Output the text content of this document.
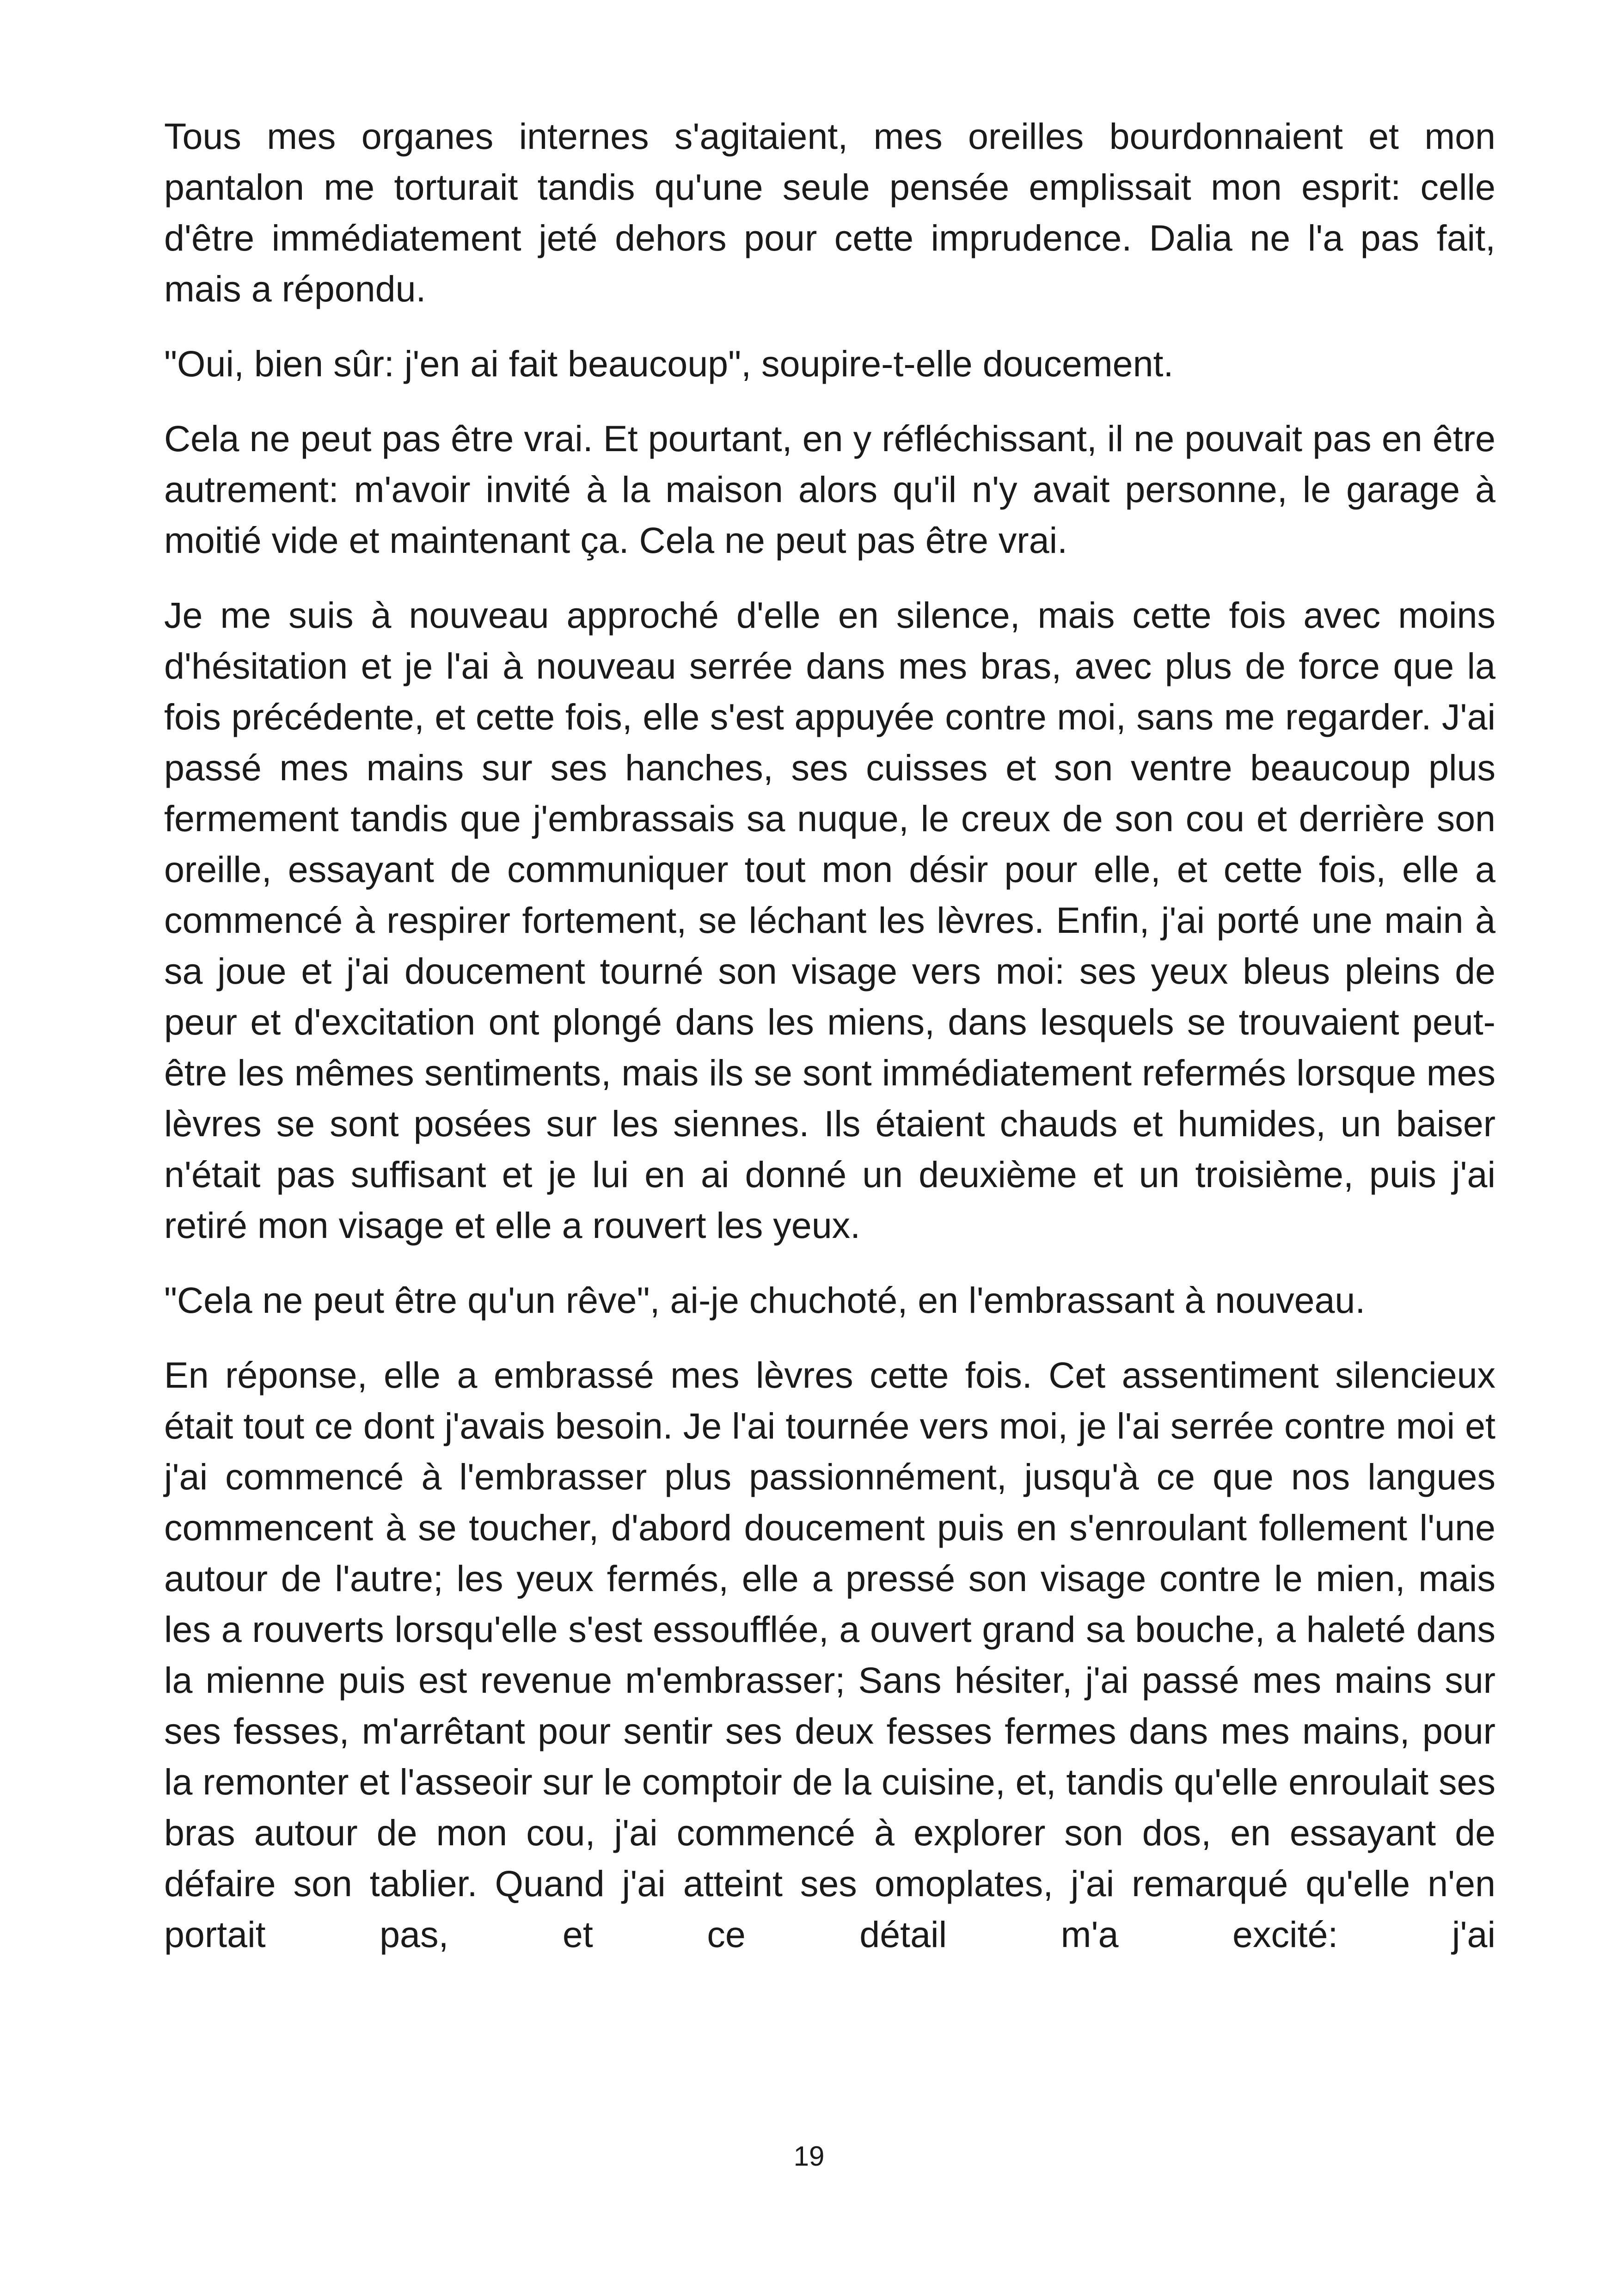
Tous mes organes internes s'agitaient, mes oreilles bourdonnaient et mon pantalon me torturait tandis qu'une seule pensée emplissait mon esprit: celle d'être immédiatement jeté dehors pour cette imprudence. Dalia ne l'a pas fait, mais a répondu.

"Oui, bien sûr: j'en ai fait beaucoup", soupire-t-elle doucement.

Cela ne peut pas être vrai. Et pourtant, en y réfléchissant, il ne pouvait pas en être autrement: m'avoir invité à la maison alors qu'il n'y avait personne, le garage à moitié vide et maintenant ça. Cela ne peut pas être vrai.

Je me suis à nouveau approché d'elle en silence, mais cette fois avec moins d'hésitation et je l'ai à nouveau serrée dans mes bras, avec plus de force que la fois précédente, et cette fois, elle s'est appuyée contre moi, sans me regarder. J'ai passé mes mains sur ses hanches, ses cuisses et son ventre beaucoup plus fermement tandis que j'embrassais sa nuque, le creux de son cou et derrière son oreille, essayant de communiquer tout mon désir pour elle, et cette fois, elle a commencé à respirer fortement, se léchant les lèvres. Enfin, j'ai porté une main à sa joue et j'ai doucement tourné son visage vers moi: ses yeux bleus pleins de peur et d'excitation ont plongé dans les miens, dans lesquels se trouvaient peut-être les mêmes sentiments, mais ils se sont immédiatement refermés lorsque mes lèvres se sont posées sur les siennes. Ils étaient chauds et humides, un baiser n'était pas suffisant et je lui en ai donné un deuxième et un troisième, puis j'ai retiré mon visage et elle a rouvert les yeux.

"Cela ne peut être qu'un rêve", ai-je chuchoté, en l'embrassant à nouveau.

En réponse, elle a embrassé mes lèvres cette fois. Cet assentiment silencieux était tout ce dont j'avais besoin. Je l'ai tournée vers moi, je l'ai serrée contre moi et j'ai commencé à l'embrasser plus passionnément, jusqu'à ce que nos langues commencent à se toucher, d'abord doucement puis en s'enroulant follement l'une autour de l'autre; les yeux fermés, elle a pressé son visage contre le mien, mais les a rouverts lorsqu'elle s'est essoufflée, a ouvert grand sa bouche, a haleté dans la mienne puis est revenue m'embrasser; Sans hésiter, j'ai passé mes mains sur ses fesses, m'arrêtant pour sentir ses deux fesses fermes dans mes mains, pour la remonter et l'asseoir sur le comptoir de la cuisine, et, tandis qu'elle enroulait ses bras autour de mon cou, j'ai commencé à explorer son dos, en essayant de défaire son tablier. Quand j'ai atteint ses omoplates, j'ai remarqué qu'elle n'en portait pas, et ce détail m'a excité: j'ai

19
